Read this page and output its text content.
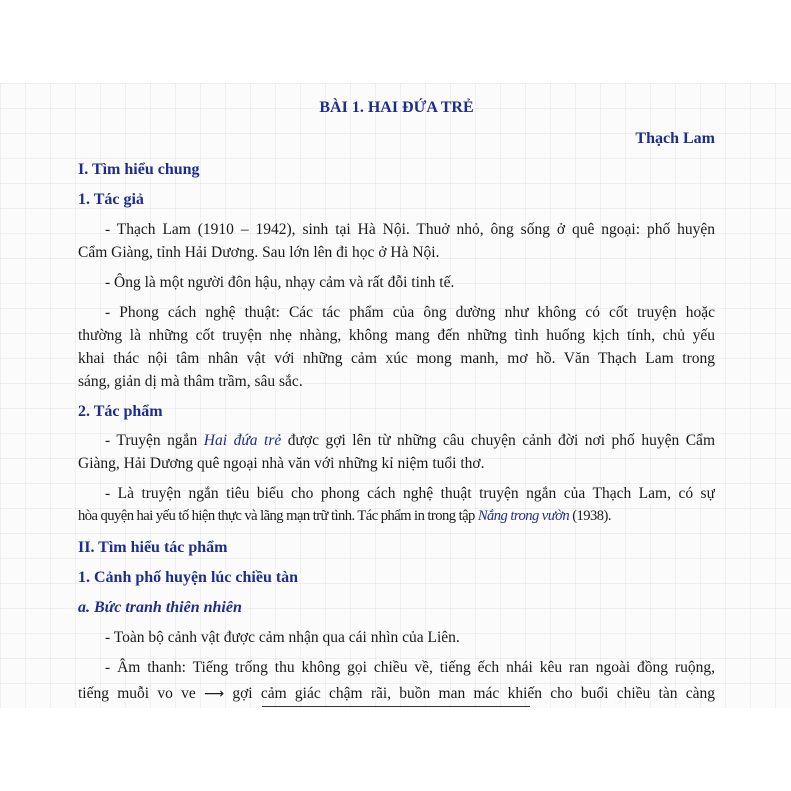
BÀI 1. HAI ĐỨA TRẺ
Thạch Lam
I. Tìm hiểu chung
1. Tác giả
- Thạch Lam (1910 – 1942), sinh tại Hà Nội. Thuở nhỏ, ông sống ở quê ngoại: phố huyện
Cẩm Giàng, tỉnh Hải Dương. Sau lớn lên đi học ở Hà Nội.
- Ông là một người đôn hậu, nhạy cảm và rất đỗi tinh tế.
- Phong cách nghệ thuật: Các tác phẩm của ông dường như không có cốt truyện hoặc
thường là những cốt truyện nhẹ nhàng, không mang đến những tình huống kịch tính, chủ yếu
khai thác nội tâm nhân vật với những cảm xúc mong manh, mơ hồ. Văn Thạch Lam trong
sáng, giản dị mà thâm trầm, sâu sắc.
2. Tác phẩm
- Truyện ngắn Hai đứa trẻ được gợi lên từ những câu chuyện cảnh đời nơi phố huyện Cẩm
Giàng, Hải Dương quê ngoại nhà văn với những kỉ niệm tuổi thơ.
- Là truyện ngắn tiêu biểu cho phong cách nghệ thuật truyện ngắn của Thạch Lam, có sự
hòa quyện hai yếu tố hiện thực và lãng mạn trữ tình. Tác phẩm in trong tập Nắng trong vườn (1938).
II. Tìm hiểu tác phẩm
1. Cảnh phố huyện lúc chiều tàn
a. Bức tranh thiên nhiên
- Toàn bộ cảnh vật được cảm nhận qua cái nhìn của Liên.
- Âm thanh: Tiếng trống thu không gọi chiều về, tiếng ếch nhái kêu ran ngoài đồng ruộng,
tiếng muỗi vo ve ⟶ gợi cảm giác chậm rãi, buồn man mác khiến cho buổi chiều tàn càng
